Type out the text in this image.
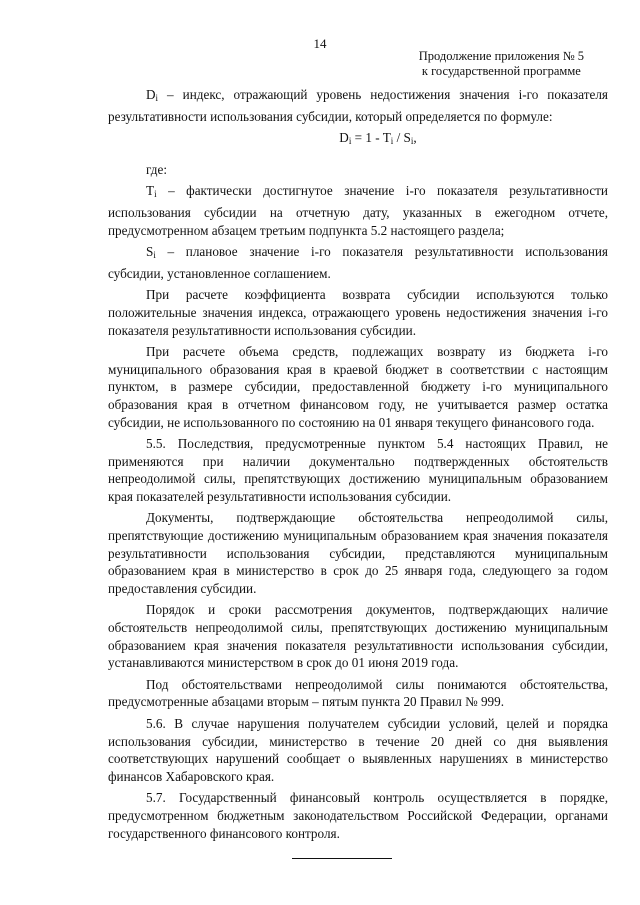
14
Продолжение приложения № 5
к государственной программе

$D_i$ – индекс, отражающий уровень недостижения значения i-го показателя результативности использования субсидии, который определяется по формуле:

$D_i = 1 - T_i / S_i$,

где:

$T_i$ – фактически достигнутое значение i-го показателя результативности использования субсидии на отчетную дату, указанных в ежегодном отчете, предусмотренном абзацем третьим подпункта 5.2 настоящего раздела;

$S_i$ – плановое значение i-го показателя результативности использования субсидии, установленное соглашением.

При расчете коэффициента возврата субсидии используются только положительные значения индекса, отражающего уровень недостижения значения i-го показателя результативности использования субсидии.

При расчете объема средств, подлежащих возврату из бюджета i-го муниципального образования края в краевой бюджет в соответствии с настоящим пунктом, в размере субсидии, предоставленной бюджету i-го муниципального образования края в отчетном финансовом году, не учитывается размер остатка субсидии, не использованного по состоянию на 01 января текущего финансового года.

5.5. Последствия, предусмотренные пунктом 5.4 настоящих Правил, не применяются при наличии документально подтвержденных обстоятельств непреодолимой силы, препятствующих достижению муниципальным образованием края показателей результативности использования субсидии.

Документы, подтверждающие обстоятельства непреодолимой силы, препятствующие достижению муниципальным образованием края значения показателя результативности использования субсидии, представляются муниципальным образованием края в министерство в срок до 25 января года, следующего за годом предоставления субсидии.

Порядок и сроки рассмотрения документов, подтверждающих наличие обстоятельств непреодолимой силы, препятствующих достижению муниципальным образованием края значения показателя результативности использования субсидии, устанавливаются министерством в срок до 01 июня 2019 года.

Под обстоятельствами непреодолимой силы понимаются обстоятельства, предусмотренные абзацами вторым – пятым пункта 20 Правил № 999.

5.6. В случае нарушения получателем субсидии условий, целей и порядка использования субсидии, министерство в течение 20 дней со дня выявления соответствующих нарушений сообщает о выявленных нарушениях в министерство финансов Хабаровского края.

5.7. Государственный финансовый контроль осуществляется в порядке, предусмотренном бюджетным законодательством Российской Федерации, органами государственного финансового контроля.
